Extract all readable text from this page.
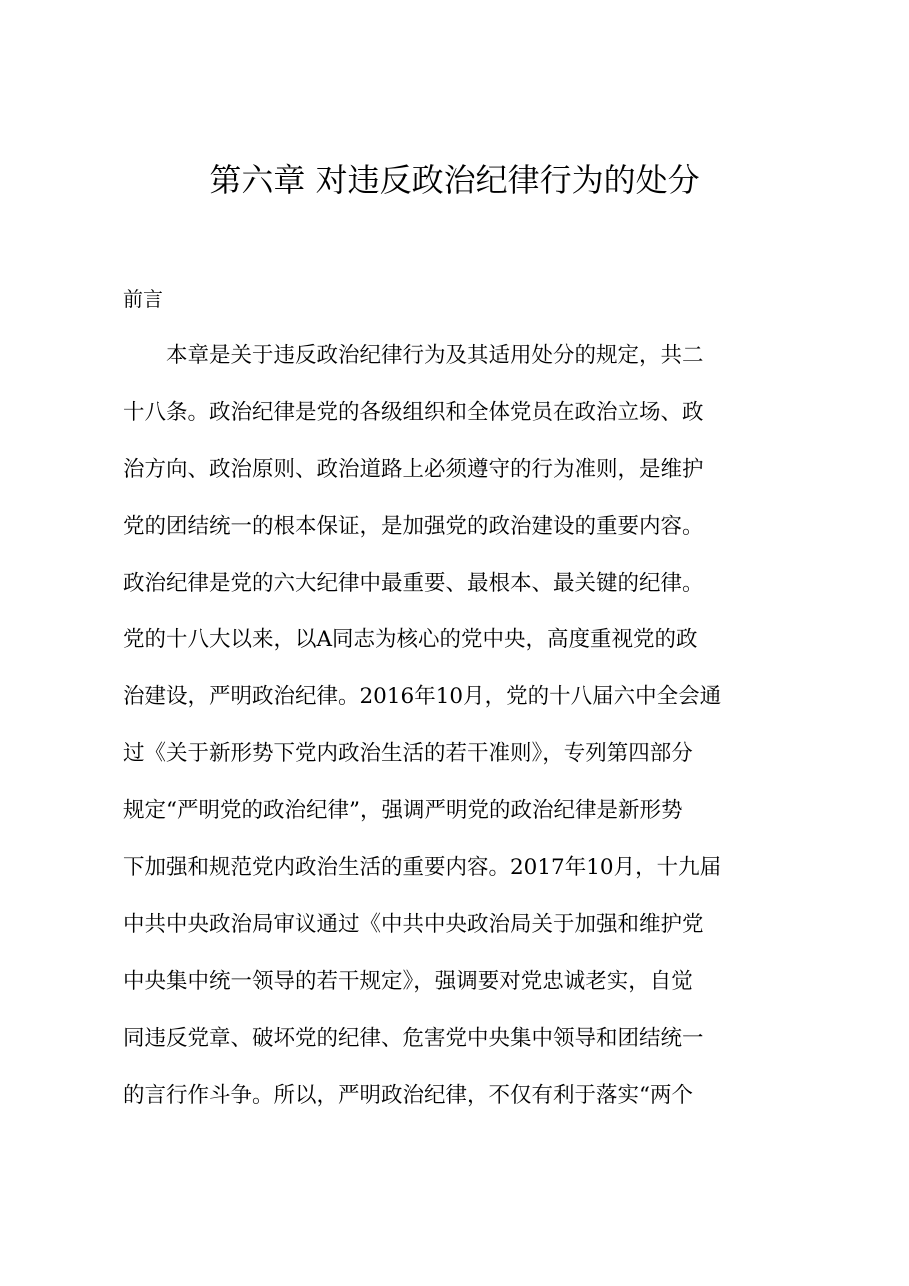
第六章 对违反政治纪律行为的处分
前言
　　本章是关于违反政治纪律行为及其适用处分的规定，共二
十八条。政治纪律是党的各级组织和全体党员在政治立场、政
治方向、政治原则、政治道路上必须遵守的行为准则，是维护
党的团结统一的根本保证，是加强党的政治建设的重要内容。
政治纪律是党的六大纪律中最重要、最根本、最关键的纪律。
党的十八大以来，以A同志为核心的党中央，高度重视党的政
治建设，严明政治纪律。2016年10月，党的十八届六中全会通
过《关于新形势下党内政治生活的若干准则》，专列第四部分
规定“严明党的政治纪律”，强调严明党的政治纪律是新形势
下加强和规范党内政治生活的重要内容。2017年10月，十九届
中共中央政治局审议通过《中共中央政治局关于加强和维护党
中央集中统一领导的若干规定》，强调要对党忠诚老实，自觉
同违反党章、破坏党的纪律、危害党中央集中领导和团结统一
的言行作斗争。所以，严明政治纪律，不仅有利于落实“两个
